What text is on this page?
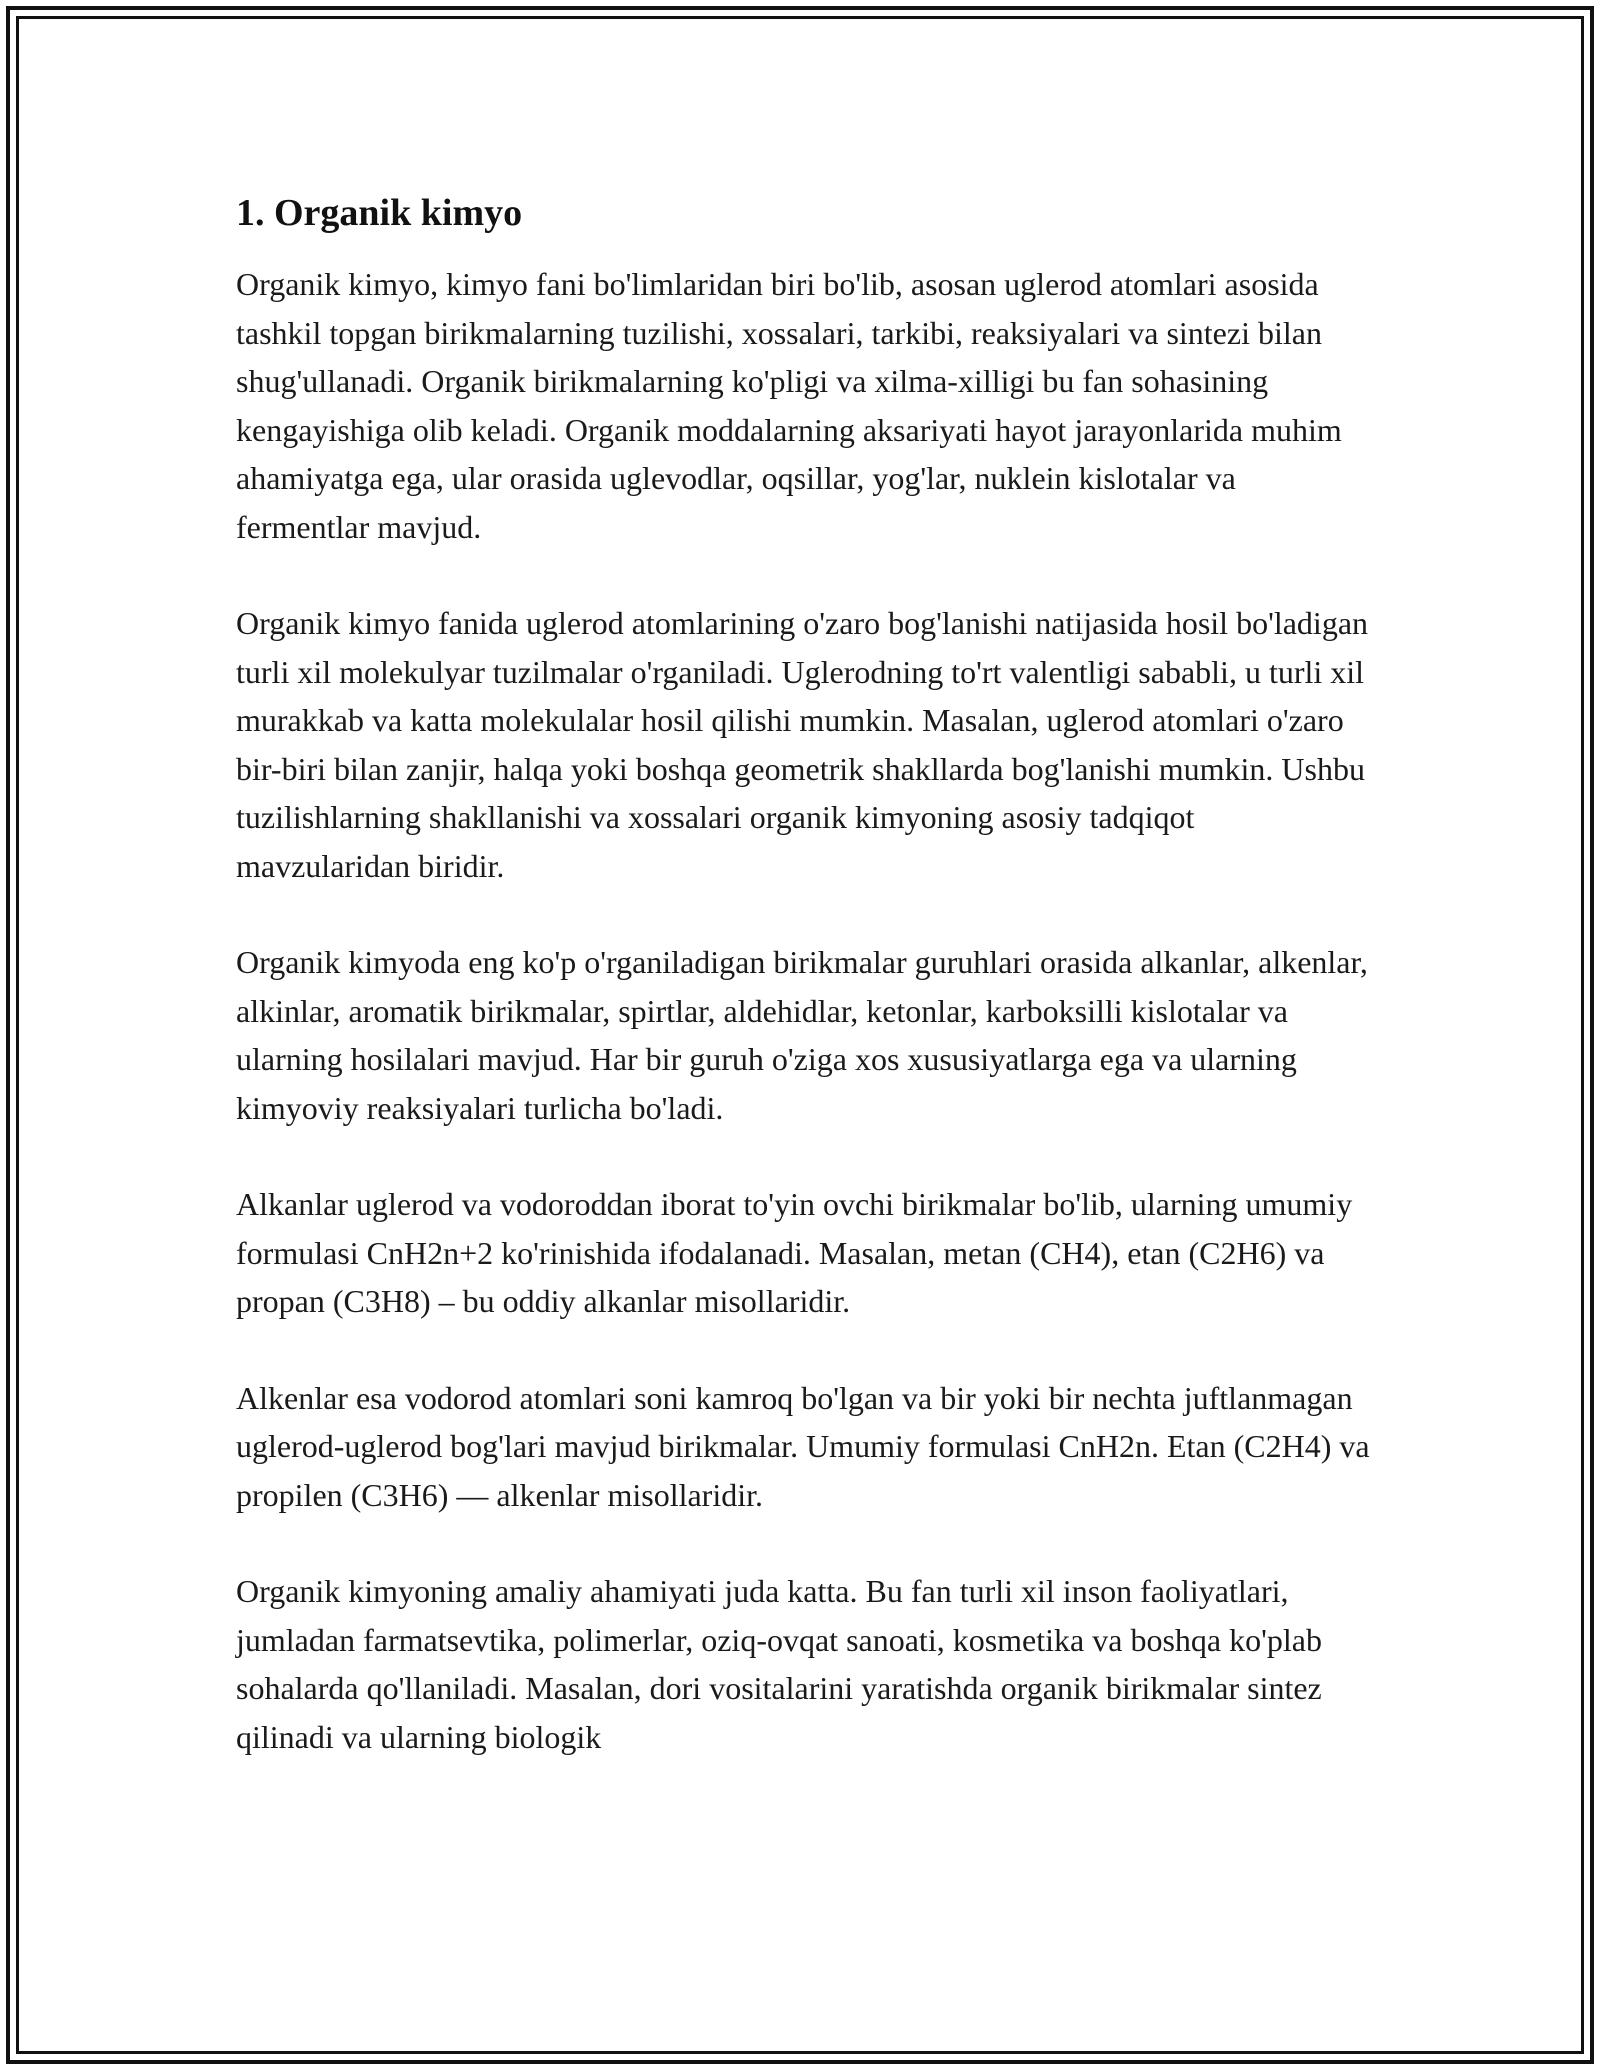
1. Organik kimyo

Organik kimyo, kimyo fani bo'limlaridan biri bo'lib, asosan uglerod atomlari asosida tashkil topgan birikmalarning tuzilishi, xossalari, tarkibi, reaksiyalari va sintezi bilan shug'ullanadi. Organik birikmalarning ko'pligi va xilma-xilligi bu fan sohasining kengayishiga olib keladi. Organik moddalarning aksariyati hayot jarayonlarida muhim ahamiyatga ega, ular orasida uglevodlar, oqsillar, yog'lar, nuklein kislotalar va fermentlar mavjud.

Organik kimyo fanida uglerod atomlarining o'zaro bog'lanishi natijasida hosil bo'ladigan turli xil molekulyar tuzilmalar o'rganiladi. Uglerodning to'rt valentligi sababli, u turli xil murakkab va katta molekulalar hosil qilishi mumkin. Masalan, uglerod atomlari o'zaro bir-biri bilan zanjir, halqa yoki boshqa geometrik shakllarda bog'lanishi mumkin. Ushbu tuzilishlarning shakllanishi va xossalari organik kimyoning asosiy tadqiqot mavzularidan biridir.

Organik kimyoda eng ko'p o'rganiladigan birikmalar guruhlari orasida alkanlar, alkenlar, alkinlar, aromatik birikmalar, spirtlar, aldehidlar, ketonlar, karboksilli kislotalar va ularning hosilalari mavjud. Har bir guruh o'ziga xos xususiyatlarga ega va ularning kimyoviy reaksiyalari turlicha bo'ladi.

Alkanlar uglerod va vodoroddan iborat to'yin ovchi birikmalar bo'lib, ularning umumiy formulasi CnH2n+2 ko'rinishida ifodalanadi. Masalan, metan (CH4), etan (C2H6) va propan (C3H8) – bu oddiy alkanlar misollaridir.

Alkenlar esa vodorod atomlari soni kamroq bo'lgan va bir yoki bir nechta juftlanmagan uglerod-uglerod bog'lari mavjud birikmalar. Umumiy formulasi CnH2n. Etan (C2H4) va propilen (C3H6) — alkenlar misollaridir.

Organik kimyoning amaliy ahamiyati juda katta. Bu fan turli xil inson faoliyatlari, jumladan farmatsevtika, polimerlar, oziq-ovqat sanoati, kosmetika va boshqa ko'plab sohalarda qo'llaniladi. Masalan, dori vositalarini yaratishda organik birikmalar sintez qilinadi va ularning biologik
